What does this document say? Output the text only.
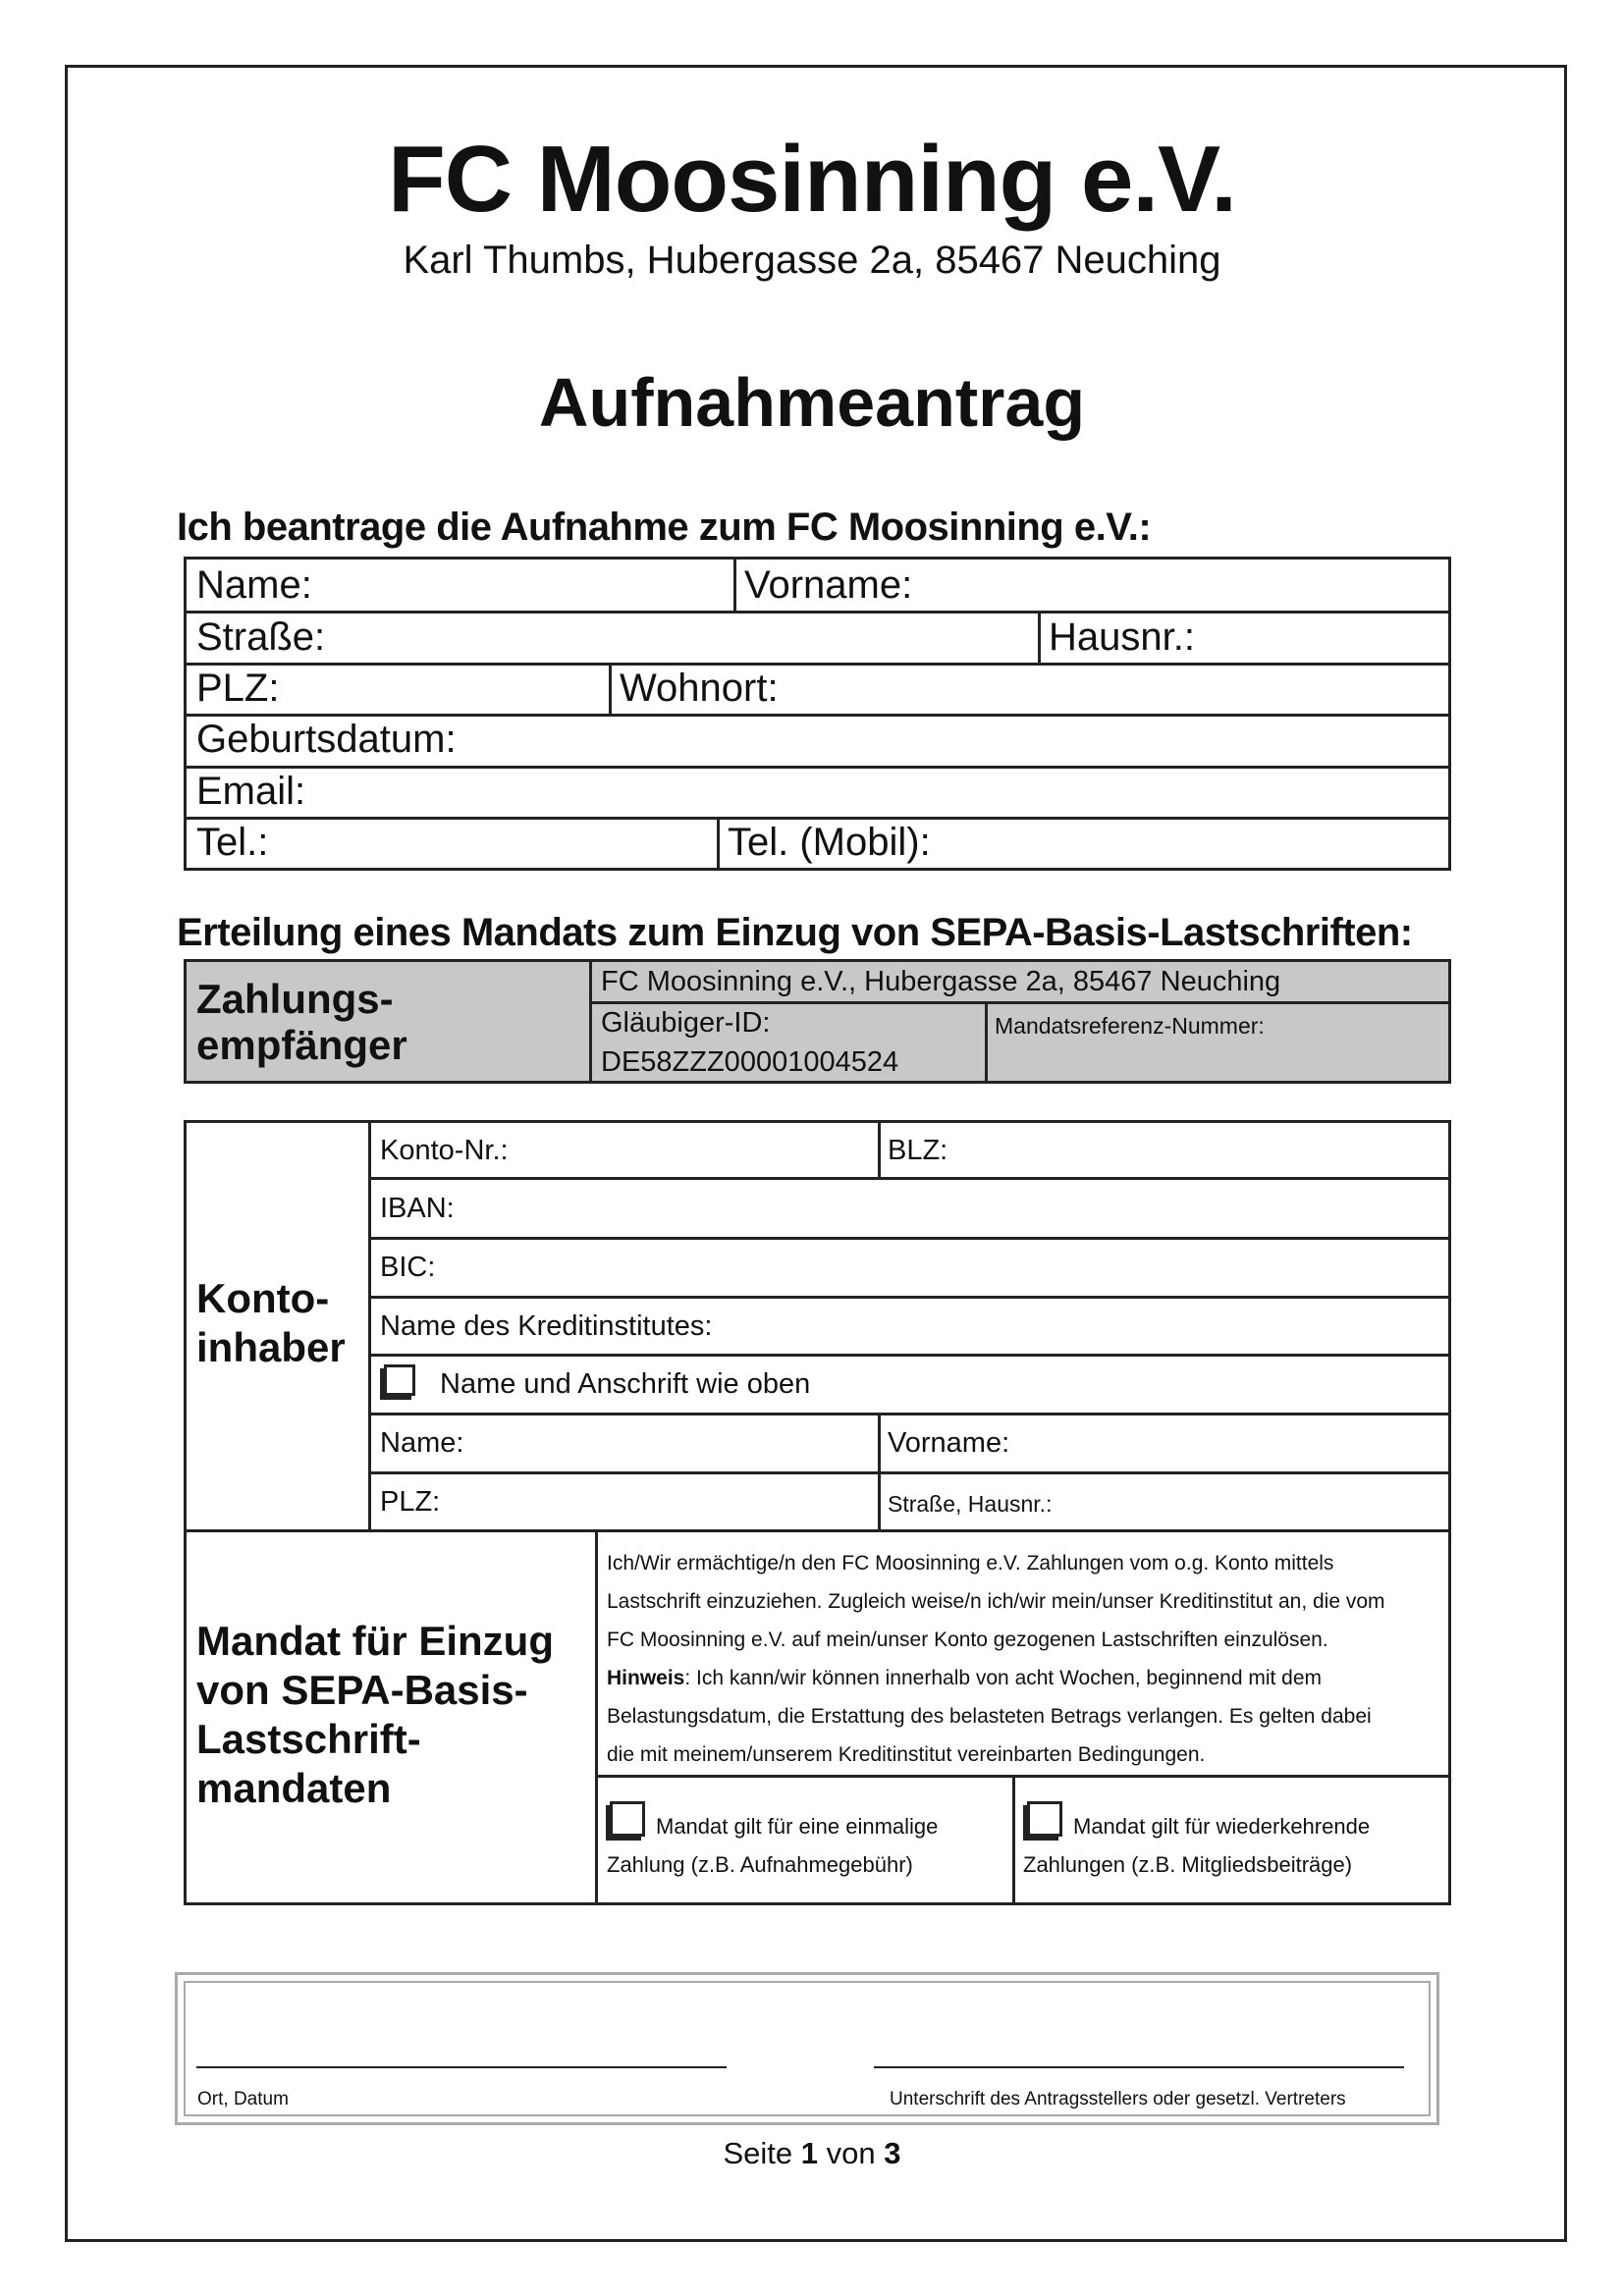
FC Moosinning e.V.
Karl Thumbs, Hubergasse 2a, 85467 Neuching
Aufnahmeantrag
Ich beantrage die Aufnahme zum FC Moosinning e.V.:
Name:	Vorname:
Straße:	Hausnr.:
PLZ:	Wohnort:
Geburtsdatum:
Email:
Tel.:	Tel. (Mobil):
Erteilung eines Mandats zum Einzug von SEPA-Basis-Lastschriften:
Zahlungs-
empfänger
FC Moosinning e.V., Hubergasse 2a, 85467 Neuching
Gläubiger-ID:
DE58ZZZ00001004524
Mandatsreferenz-Nummer:
Konto-
inhaber
Konto-Nr.:	BLZ:
IBAN:
BIC:
Name des Kreditinstitutes:
Name und Anschrift wie oben
Name:	Vorname:
PLZ:	Straße, Hausnr.:
Mandat für Einzug
von SEPA-Basis-
Lastschrift-
mandaten
Ich/Wir ermächtige/n den FC Moosinning e.V. Zahlungen vom o.g. Konto mittels
Lastschrift einzuziehen. Zugleich weise/n ich/wir mein/unser Kreditinstitut an, die vom
FC Moosinning e.V. auf mein/unser Konto gezogenen Lastschriften einzulösen.
Hinweis: Ich kann/wir können innerhalb von acht Wochen, beginnend mit dem
Belastungsdatum, die Erstattung des belasteten Betrags verlangen. Es gelten dabei
die mit meinem/unserem Kreditinstitut vereinbarten Bedingungen.
Mandat gilt für eine einmalige
Zahlung (z.B. Aufnahmegebühr)
Mandat gilt für wiederkehrende
Zahlungen (z.B. Mitgliedsbeiträge)
Ort, Datum	Unterschrift des Antragsstellers oder gesetzl. Vertreters
Seite 1 von 3
